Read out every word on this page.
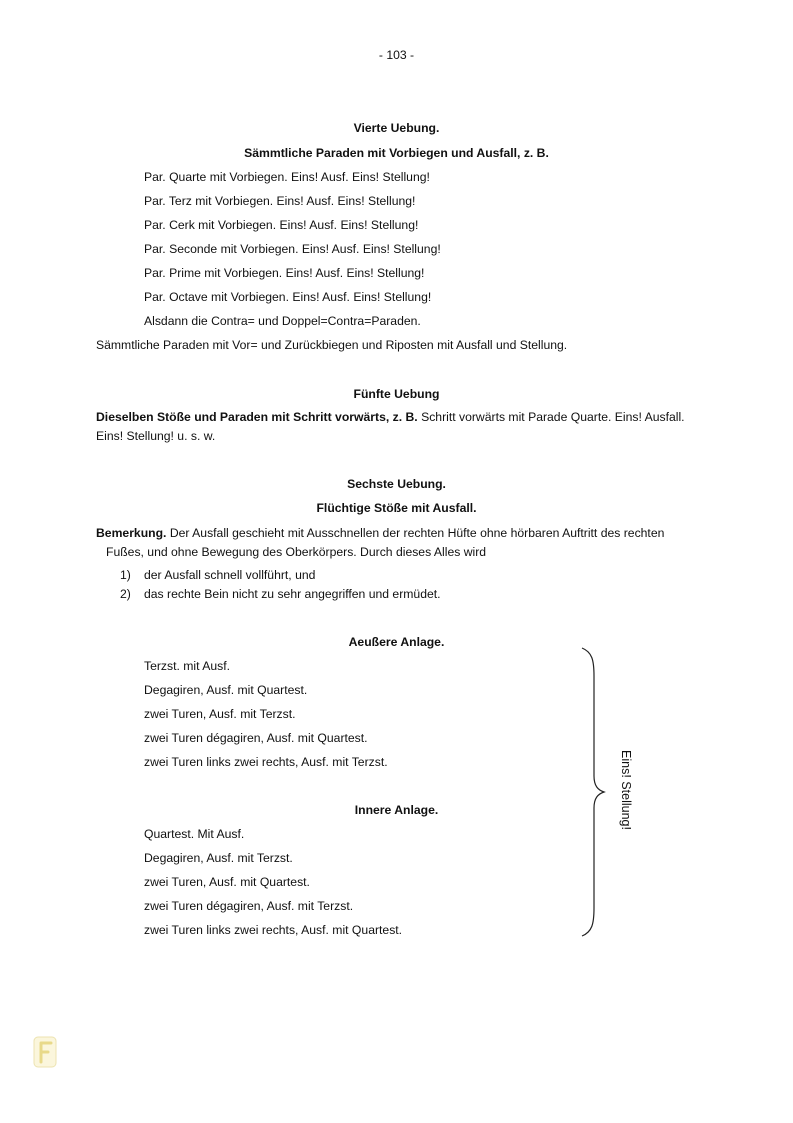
- 103 -
Vierte Uebung.
Sämmtliche Paraden mit Vorbiegen und Ausfall, z. B.
Par. Quarte mit Vorbiegen. Eins! Ausf. Eins! Stellung!
Par. Terz mit Vorbiegen. Eins! Ausf. Eins! Stellung!
Par. Cerk mit Vorbiegen. Eins! Ausf. Eins! Stellung!
Par. Seconde mit Vorbiegen. Eins! Ausf. Eins! Stellung!
Par. Prime mit Vorbiegen. Eins! Ausf. Eins! Stellung!
Par. Octave mit Vorbiegen. Eins! Ausf. Eins! Stellung!
Alsdann die Contra= und Doppel=Contra=Paraden.
Sämmtliche Paraden mit Vor= und Zurückbiegen und Riposten mit Ausfall und Stellung.
Fünfte Uebung
Dieselben Stöße und Paraden mit Schritt vorwärts, z. B. Schritt vorwärts mit Parade Quarte. Eins! Ausfall. Eins! Stellung! u. s. w.
Sechste Uebung.
Flüchtige Stöße mit Ausfall.
Bemerkung. Der Ausfall geschieht mit Ausschnellen der rechten Hüfte ohne hörbaren Auftritt des rechten Fußes, und ohne Bewegung des Oberkörpers. Durch dieses Alles wird
1) der Ausfall schnell vollführt, und
2) das rechte Bein nicht zu sehr angegriffen und ermüdet.
Aeußere Anlage.
Terzst. mit Ausf.
Degagiren, Ausf. mit Quartest.
zwei Turen, Ausf. mit Terzst.
zwei Turen dégagiren, Ausf. mit Quartest.
zwei Turen links zwei rechts, Ausf. mit Terzst.
Innere Anlage.
Quartest. Mit Ausf.
Degagiren, Ausf. mit Terzst.
zwei Turen, Ausf. mit Quartest.
zwei Turen dégagiren, Ausf. mit Terzst.
zwei Turen links zwei rechts, Ausf. mit Quartest.
Eins! Stellung!
